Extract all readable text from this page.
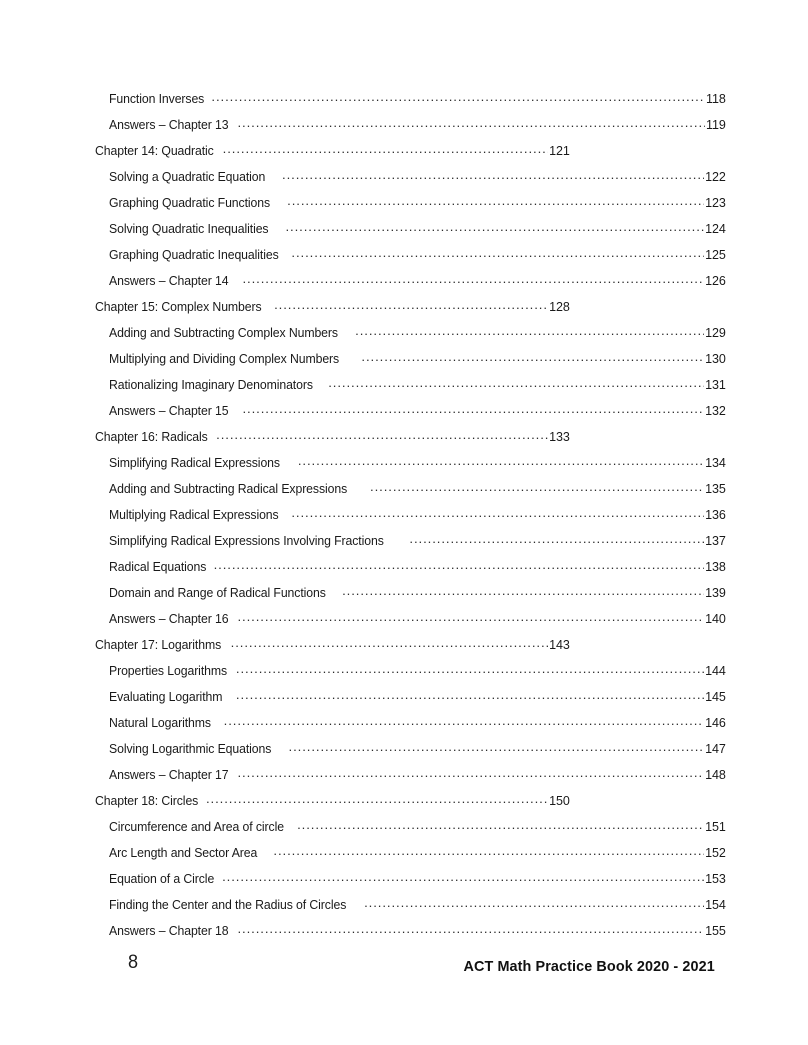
Function Inverses .....	118
Answers – Chapter 13 .....	119
Chapter 14: Quadratic .....	121
Solving a Quadratic Equation .....	122
Graphing Quadratic Functions .....	123
Solving Quadratic Inequalities .....	124
Graphing Quadratic Inequalities .....	125
Answers – Chapter 14 .....	126
Chapter 15: Complex Numbers .....	128
Adding and Subtracting Complex Numbers .....	129
Multiplying and Dividing Complex Numbers .....	130
Rationalizing Imaginary Denominators .....	131
Answers – Chapter 15 .....	132
Chapter 16: Radicals .....	133
Simplifying Radical Expressions .....	134
Adding and Subtracting Radical Expressions .....	135
Multiplying Radical Expressions .....	136
Simplifying Radical Expressions Involving Fractions .....	137
Radical Equations .....	138
Domain and Range of Radical Functions .....	139
Answers – Chapter 16 .....	140
Chapter 17: Logarithms .....	143
Properties Logarithms .....	144
Evaluating Logarithm .....	145
Natural Logarithms .....	146
Solving Logarithmic Equations .....	147
Answers – Chapter 17 .....	148
Chapter 18: Circles .....	150
Circumference and Area of circle .....	151
Arc Length and Sector Area .....	152
Equation of a Circle .....	153
Finding the Center and the Radius of Circles .....	154
Answers – Chapter 18 .....	155
8	ACT Math Practice Book 2020 - 2021
